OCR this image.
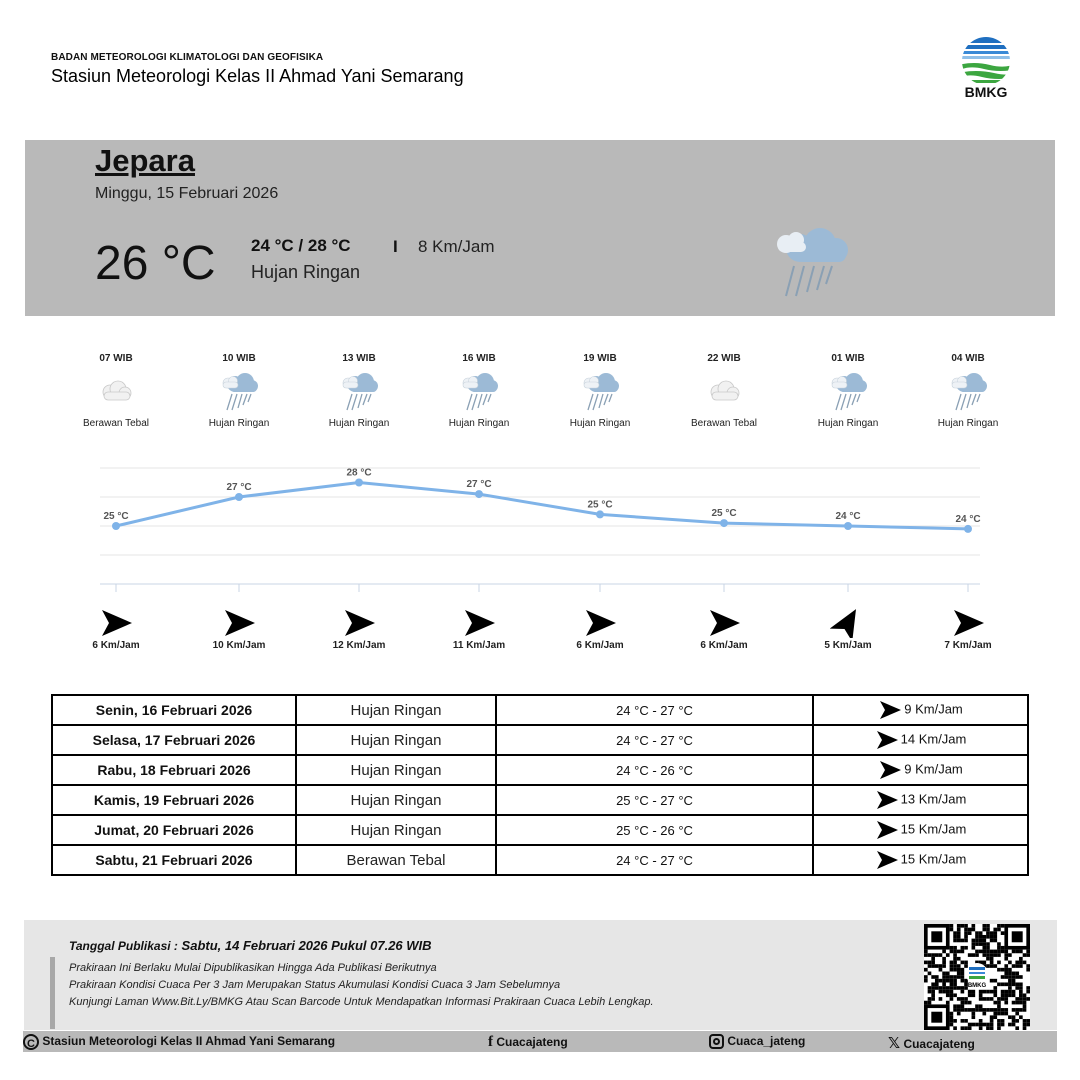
BADAN METEOROLOGI KLIMATOLOGI DAN GEOFISIKA
Stasiun Meteorologi Kelas II Ahmad Yani Semarang
BMKG
Jepara
Minggu, 15 Februari 2026
26 °C 24 °C / 28 °C I 8 Km/Jam
Hujan Ringan
07 WIB
Berawan Tebal
10 WIB
Hujan Ringan
13 WIB
Hujan Ringan
16 WIB
Hujan Ringan
19 WIB
Hujan Ringan
22 WIB
Berawan Tebal
01 WIB
Hujan Ringan
04 WIB
Hujan Ringan
25 °C
27 °C
28 °C
27 °C
25 °C
25 °C	24 °C	24 °C
6 Km/Jam	10 Km/Jam	12 Km/Jam	11 Km/Jam	6 Km/Jam	6 Km/Jam	5 Km/Jam	7 Km/Jam
Senin, 16 Februari 2026	Hujan Ringan	24 °C - 27 °C	9 Km/Jam
Selasa, 17 Februari 2026	Hujan Ringan	24 °C - 27 °C	14 Km/Jam
Rabu, 18 Februari 2026	Hujan Ringan	24 °C - 26 °C	9 Km/Jam
Kamis, 19 Februari 2026	Hujan Ringan	25 °C - 27 °C	13 Km/Jam
Jumat, 20 Februari 2026	Hujan Ringan	25 °C - 26 °C	15 Km/Jam
Sabtu, 21 Februari 2026	Berawan Tebal	24 °C - 27 °C	15 Km/Jam
Tanggal Publikasi : Sabtu, 14 Februari 2026 Pukul 07.26 WIB
Prakiraan Ini Berlaku Mulai Dipublikasikan Hingga Ada Publikasi Berikutnya
Prakiraan Kondisi Cuaca Per 3 Jam Merupakan Status Akumulasi Kondisi Cuaca 3 Jam Sebelumnya
Kunjungi Laman Www.Bit.Ly/BMKG Atau Scan Barcode Untuk Mendapatkan Informasi Prakiraan Cuaca Lebih Lengkap.
BMKG
C Stasiun Meteorologi Kelas II Ahmad Yani Semarang	f Cuacajateng	Cuaca_jateng	𝕏 Cuacajateng
